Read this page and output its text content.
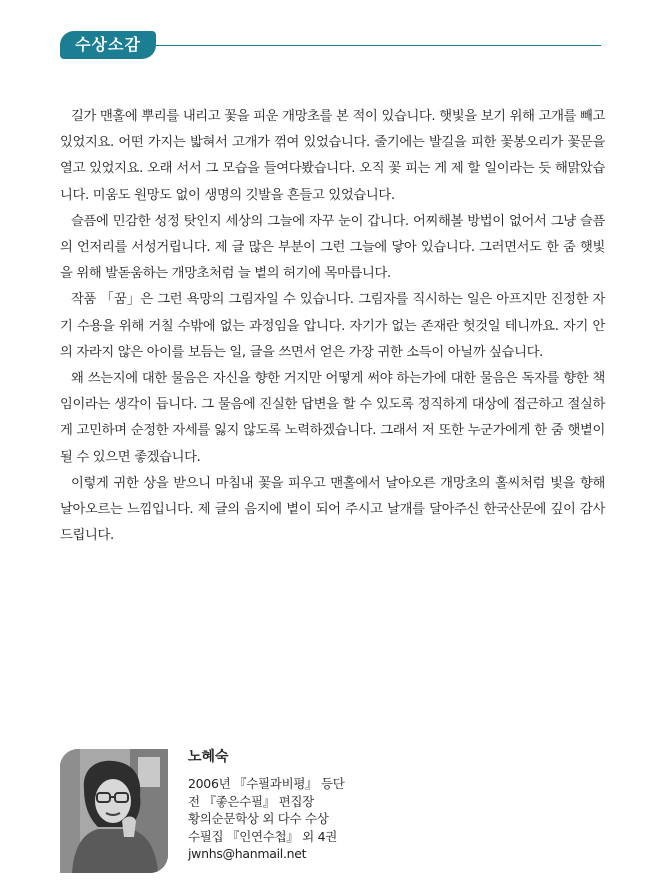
수상소감

길가 맨홀에 뿌리를 내리고 꽃을 피운 개망초를 본 적이 있습니다. 햇빛을 보기 위해 고개를 빼고 있었지요. 어떤 가지는 밟혀서 고개가 꺾여 있었습니다. 줄기에는 발길을 피한 꽃봉오리가 꽃문을 열고 있었지요. 오래 서서 그 모습을 들여다봤습니다. 오직 꽃 피는 게 제 할 일이라는 듯 해맑았습니다. 미움도 원망도 없이 생명의 깃발을 흔들고 있었습니다.

슬픔에 민감한 성정 탓인지 세상의 그늘에 자꾸 눈이 갑니다. 어찌해볼 방법이 없어서 그냥 슬픔의 언저리를 서성거립니다. 제 글 많은 부분이 그런 그늘에 닿아 있습니다. 그러면서도 한 줌 햇빛을 위해 발돋움하는 개망초처럼 늘 볕의 허기에 목마릅니다.

작품 「꿈」은 그런 욕망의 그림자일 수 있습니다. 그림자를 직시하는 일은 아프지만 진정한 자기 수용을 위해 거칠 수밖에 없는 과정임을 압니다. 자기가 없는 존재란 헛것일 테니까요. 자기 안의 자라지 않은 아이를 보듬는 일, 글을 쓰면서 얻은 가장 귀한 소득이 아닐까 싶습니다.

왜 쓰는지에 대한 물음은 자신을 향한 거지만 어떻게 써야 하는가에 대한 물음은 독자를 향한 책임이라는 생각이 듭니다. 그 물음에 진실한 답변을 할 수 있도록 정직하게 대상에 접근하고 절실하게 고민하며 순정한 자세를 잃지 않도록 노력하겠습니다. 그래서 저 또한 누군가에게 한 줌 햇볕이 될 수 있으면 좋겠습니다.

이렇게 귀한 상을 받으니 마침내 꽃을 피우고 맨홀에서 날아오른 개망초의 홀씨처럼 빛을 향해 날아오르는 느낌입니다. 제 글의 음지에 볕이 되어 주시고 날개를 달아주신 한국산문에 깊이 감사드립니다.

노혜숙

2006년 『수필과비평』 등단

전 『좋은수필』 편집장

황의순문학상 외 다수 수상

수필집 『인연수첩』 외 4권

jwnhs@hanmail.net
